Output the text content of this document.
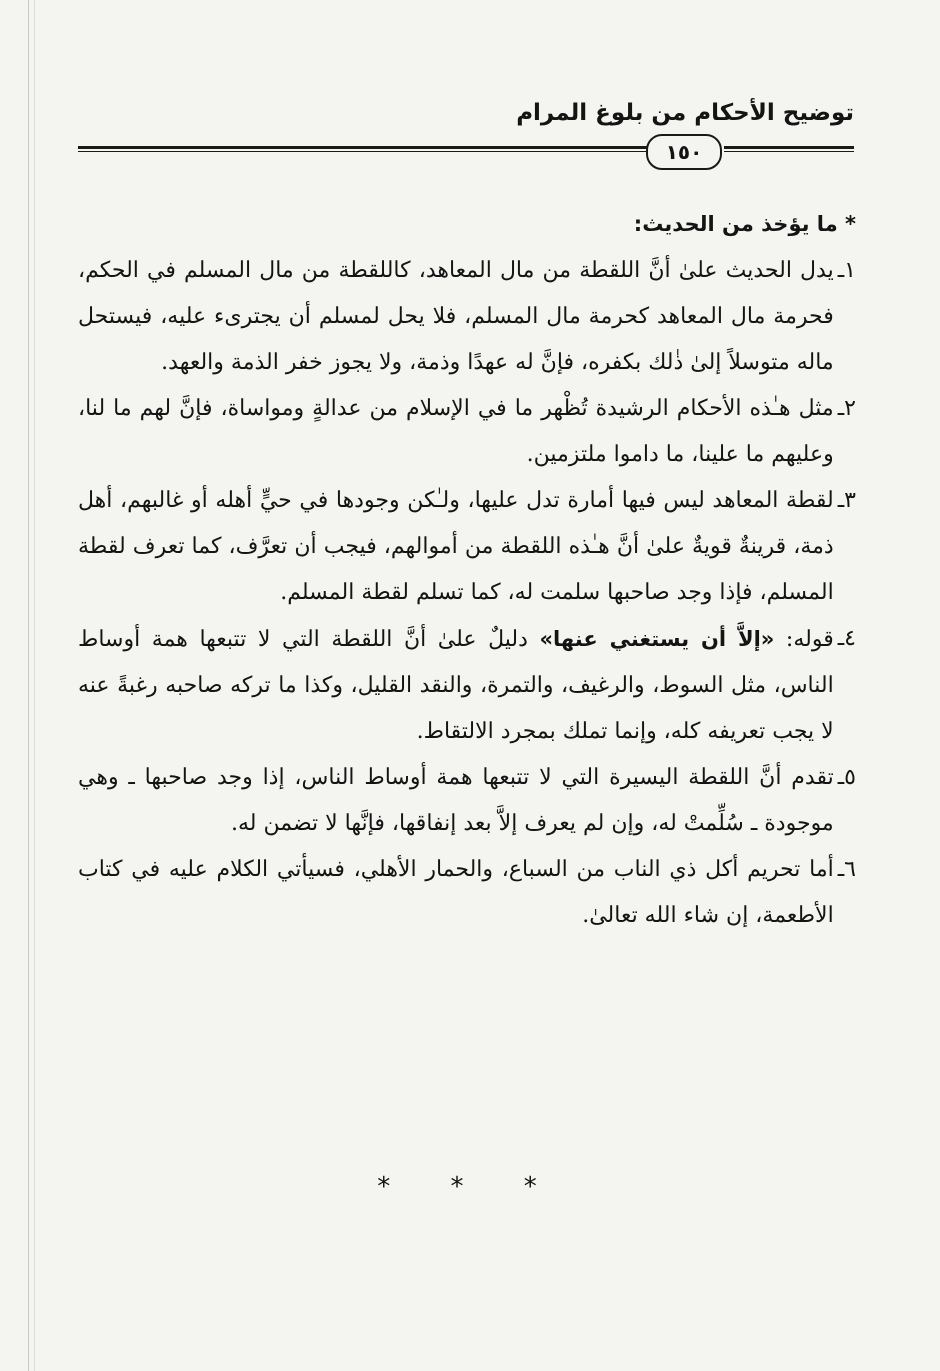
توضيح الأحكام من بلوغ المرام
١٥٠
* ما يؤخذ من الحديث:
١ـ
يدل الحديث علىٰ أنَّ اللقطة من مال المعاهد، كاللقطة من مال المسلم في الحكم، فحرمة مال المعاهد كحرمة مال المسلم، فلا يحل لمسلم أن يجترىء عليه، فيستحل ماله متوسلاً إلىٰ ذٰلك بكفره، فإنَّ له عهدًا وذمة، ولا يجوز خفر الذمة والعهد.
٢ـ
مثل هـٰذه الأحكام الرشيدة تُظْهر ما في الإسلام من عدالةٍ ومواساة، فإنَّ لهم ما لنا، وعليهم ما علينا، ما داموا ملتزمين.
٣ـ
لقطة المعاهد ليس فيها أمارة تدل عليها، ولـٰكن وجودها في حيٍّ أهله أو غالبهم، أهل ذمة، قرينةٌ قويةٌ علىٰ أنَّ هـٰذه اللقطة من أموالهم، فيجب أن تعرَّف، كما تعرف لقطة المسلم، فإذا وجد صاحبها سلمت له، كما تسلم لقطة المسلم.
٤ـ
قوله: «إلاَّ أن يستغني عنها» دليلٌ علىٰ أنَّ اللقطة التي لا تتبعها همة أوساط الناس، مثل السوط، والرغيف، والتمرة، والنقد القليل، وكذا ما تركه صاحبه رغبةً عنه لا يجب تعريفه كله، وإنما تملك بمجرد الالتقاط.
٥ـ
تقدم أنَّ اللقطة اليسيرة التي لا تتبعها همة أوساط الناس، إذا وجد صاحبها ـ وهي موجودة ـ سُلِّمتْ له، وإن لم يعرف إلاَّ بعد إنفاقها، فإنَّها لا تضمن له.
٦ـ
أما تحريم أكل ذي الناب من السباع، والحمار الأهلي، فسيأتي الكلام عليه في كتاب الأطعمة، إن شاء الله تعالىٰ.
* * *
